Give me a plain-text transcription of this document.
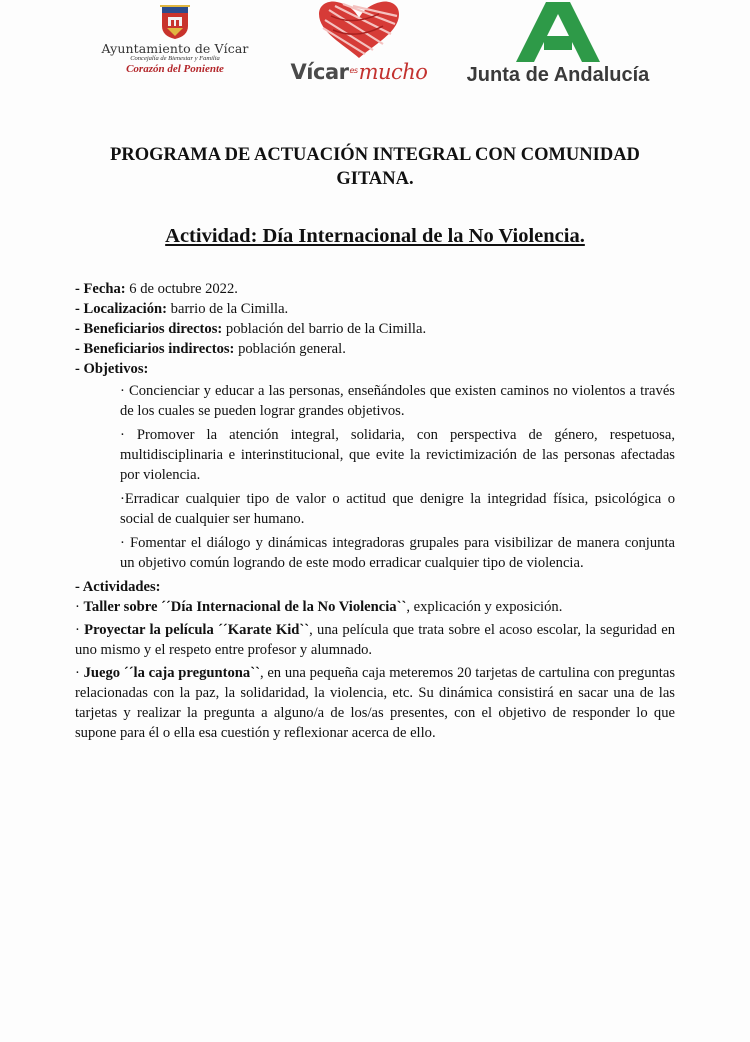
Ayuntamiento de Vícar
Concejalía de Bienestar y Familia
Corazón del Poniente	Vícar$^{es}$mucho	Junta de Andalucía
PROGRAMA DE ACTUACIÓN INTEGRAL CON COMUNIDAD GITANA.
Actividad: Día Internacional de la No Violencia.

- Fecha: 6 de octubre 2022.

- Localización: barrio de la Cimilla.

- Beneficiarios directos: población del barrio de la Cimilla.

- Beneficiarios indirectos: población general.

- Objetivos:

· Concienciar y educar a las personas, enseñándoles que existen caminos no violentos a través de los cuales se pueden lograr grandes objetivos.

· Promover la atención integral, solidaria, con perspectiva de género, respetuosa, multidisciplinaria e interinstitucional, que evite la revictimización de las personas afectadas por violencia.

·Erradicar cualquier tipo de valor o actitud que denigre la integridad física, psicológica o social de cualquier ser humano.

· Fomentar el diálogo y dinámicas integradoras grupales para visibilizar de manera conjunta un objetivo común logrando de este modo erradicar cualquier tipo de violencia.

- Actividades:

· Taller sobre ´´Día Internacional de la No Violencia``, explicación y exposición.

· Proyectar la película ´´Karate Kid``, una película que trata sobre el acoso escolar, la seguridad en uno mismo y el respeto entre profesor y alumnado.

· Juego ´´la caja preguntona``, en una pequeña caja meteremos 20 tarjetas de cartulina con preguntas relacionadas con la paz, la solidaridad, la violencia, etc. Su dinámica consistirá en sacar una de las tarjetas y realizar la pregunta a alguno/a de los/as presentes, con el objetivo de responder lo que supone para él o ella esa cuestión y reflexionar acerca de ello.
